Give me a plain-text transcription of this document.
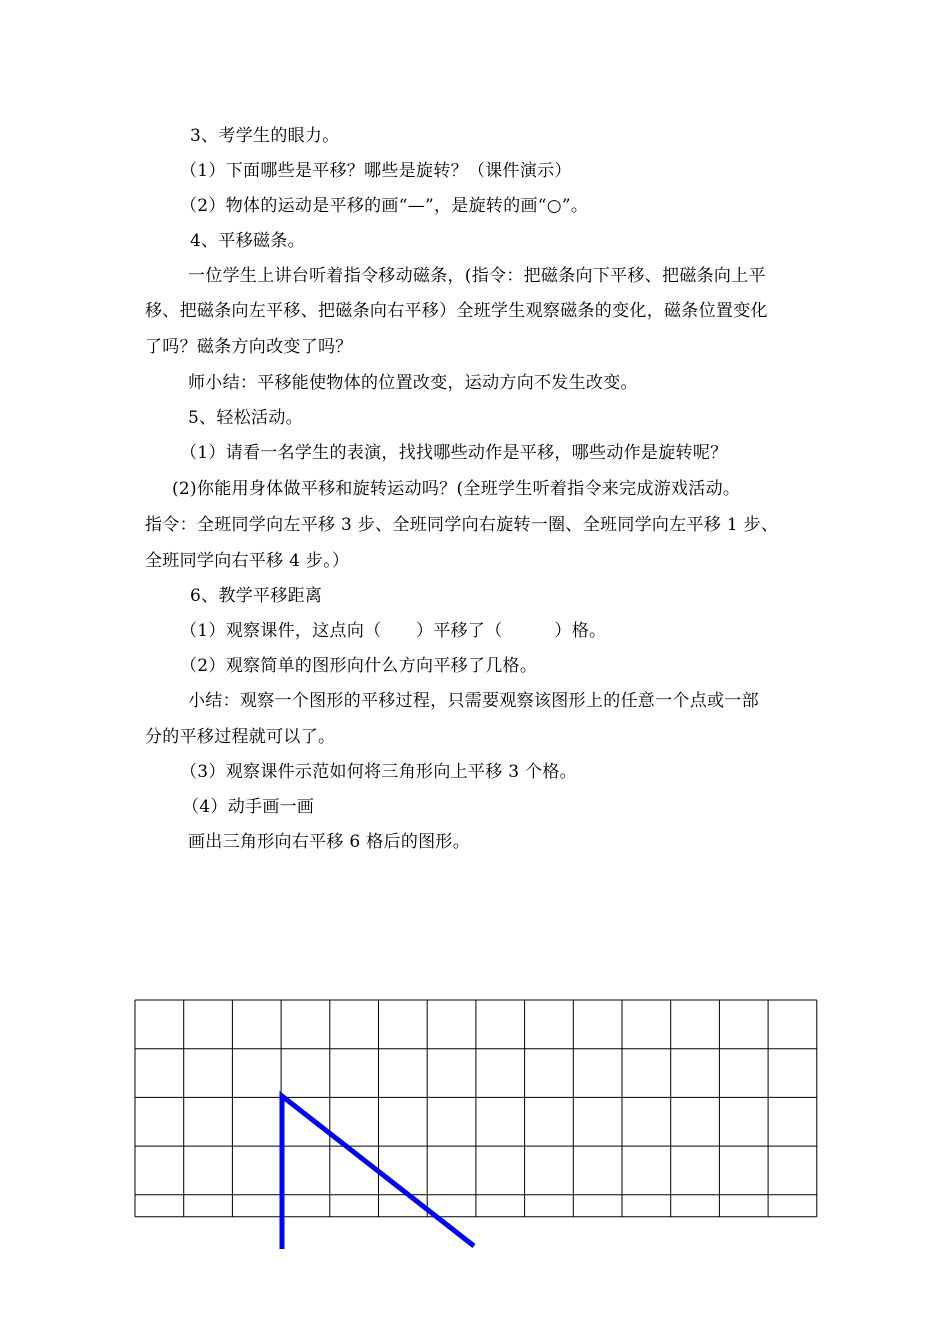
3、考学生的眼力。
（1）下面哪些是平移？哪些是旋转？（课件演示）
（2）物体的运动是平移的画“—”，是旋转的画“○”。
4、平移磁条。
一位学生上讲台听着指令移动磁条，(指令：把磁条向下平移、把磁条向上平
移、把磁条向左平移、把磁条向右平移）全班学生观察磁条的变化，磁条位置变化
了吗？磁条方向改变了吗？
师小结：平移能使物体的位置改变，运动方向不发生改变。
5、轻松活动。
（1）请看一名学生的表演，找找哪些动作是平移，哪些动作是旋转呢？
(2)你能用身体做平移和旋转运动吗？(全班学生听着指令来完成游戏活动。
指令：全班同学向左平移 3 步、全班同学向右旋转一圈、全班同学向左平移 1 步、
全班同学向右平移 4 步。）
6、教学平移距离
（1）观察课件，这点向（　　）平移了（　　　）格。
（2）观察简单的图形向什么方向平移了几格。
小结：观察一个图形的平移过程，只需要观察该图形上的任意一个点或一部
分的平移过程就可以了。
（3）观察课件示范如何将三角形向上平移 3 个格。
（4）动手画一画
画出三角形向右平移 6 格后的图形。
